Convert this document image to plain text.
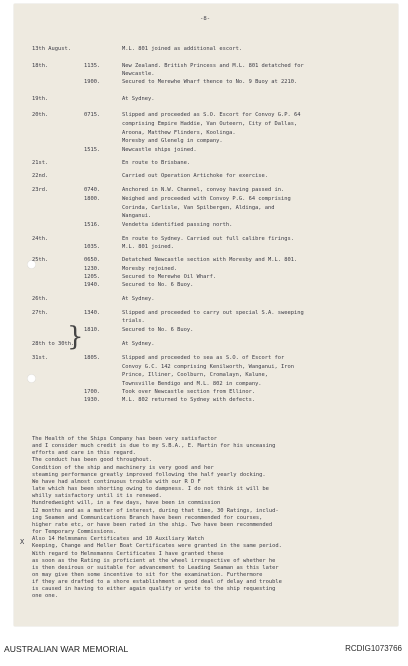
-8-
13th August.	M.L. 801 joined as additional escort.
18th.	1135.	New Zealand. British Princess and M.L. 801 detatched for
Newcastle.
1900.	Secured to Merewhe Wharf thence to No. 9 Buoy at 2210.
19th.	At Sydney.
20th.	0715.	Slipped and proceeded as S.O. Escort for Convoy G.P. 64
comprising Empire Haddie, Van Outeern, City of Dallas,
Aroona, Matthew Flinders, Koolinga.
Moresby and Glenelg in company.
1515.	Newcastle ships joined.
21st.	En route to Brisbane.
22nd.	Carried out Operation Artichoke for exercise.
23rd.	0740.	Anchored in N.W. Channel, convoy having passed in.
1800.	Weighed and proceeded with Convoy P.G. 64 comprising
Corinda, Carlisle, Van Spilbergen, Aldinga, and
Wanganui.
1516.	Vendetta identified passing north.
24th.	En route to Sydney. Carried out full calibre firings.
1035.	M.L. 801 joined.
25th.	0650.	Detatched Newcastle section with Moresby and M.L. 801.
1230.	Moresby rejoined.
1205.	Secured to Merewhe Oil Wharf.
1940.	Secured to No. 6 Buoy.
26th.	At Sydney.
27th.	1340.	Slipped and proceeded to carry out special S.A. sweeping
trials.
1810.	Secured to No. 6 Buoy.
28th to 30th.	At Sydney.
31st.	1805.	Slipped and proceeded to sea as S.O. of Escort for
Convoy G.C. 142 comprising Kenilworth, Wanganui, Iron
Prince, Illiner, Coolburn, Cromalayn, Kalune,
Townsville Bendigo and M.L. 802 in company.
1700.	Took over Newcastle section from Ellinor.
1930.	M.L. 802 returned to Sydney with defects.
}
X
The Health of the Ships Company has been very satisfactor
and I consider much credit is due to my S.B.A., E. Martin for his unceasing
efforts and care in this regard.
The conduct has been good throughout.
Condition of the ship and machinery is very good and her
steaming performance greatly improved following the half yearly docking.
We have had almost continuous trouble with our R D F
late which has been shorting owing to dampness. I do not think it will be
whilly satisfactory until it is renewed.
Hundredweight will, in a few days, have been in commission
12 months and as a matter of interest, during that time, 30 Ratings, includ-
ing Seamen and Communications Branch have been recommended for courses,
higher rate etc, or have been rated in the ship. Two have been recommended
for Temporary Commissions.
Also 14 Helmsmans Certificates and 10 Auxiliary Watch
Keeping, Change and Heller Boat Certificates were granted in the same period.
With regard to Helmsmanns Certificates I have granted these
as soon as the Rating is proficient at the wheel irrespective of whether he
is then desirous or suitable for advancement to Leading Seaman as this later
on may give then some incentive to sit for the examination. Furthermore
if they are drafted to a shore establishment a good deal of delay and trouble
is caused in having to either again qualify or write to the ship requesting
one one.
AUSTRALIAN WAR MEMORIAL	RCDIG1073766
